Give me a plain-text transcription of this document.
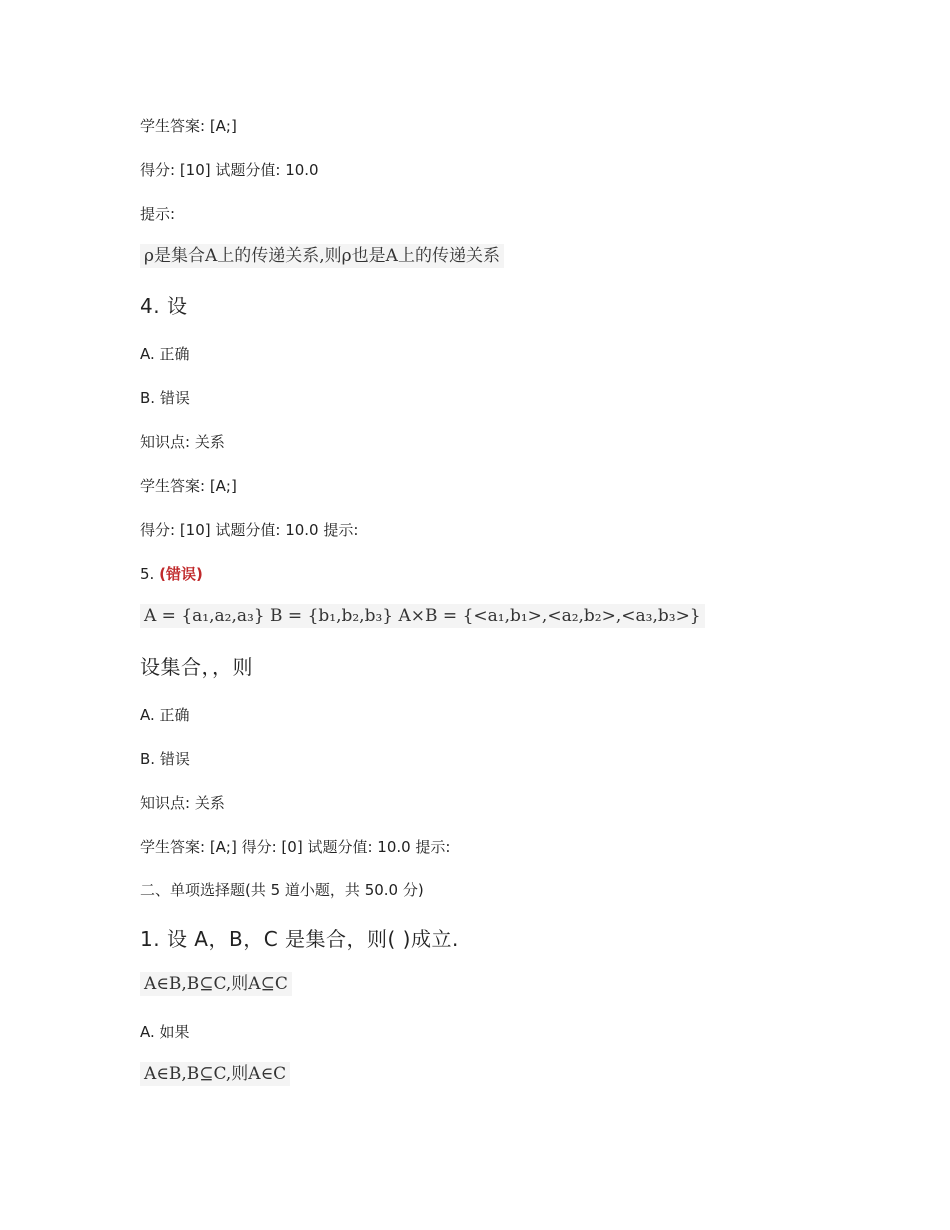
学生答案: [A;]
得分: [10] 试题分值: 10.0
提示:
ρ是集合A上的传递关系,则ρ也是A上的传递关系
4. 设
A. 正确
B. 错误
知识点: 关系
学生答案: [A;]
得分: [10] 试题分值: 10.0 提示:
5. (错误)
A = {a₁,a₂,a₃} B = {b₁,b₂,b₃} A×B = {<a₁,b₁>,<a₂,b₂>,<a₃,b₃>}
设集合，，则
A. 正确
B. 错误
知识点: 关系
学生答案: [A;] 得分: [0] 试题分值: 10.0 提示:
二、单项选择题(共 5 道小题，共 50.0 分)
1. 设 A，B，C 是集合，则( )成立.
A∈B,B⊆C,则A⊆C
A. 如果
A∈B,B⊆C,则A∈C
